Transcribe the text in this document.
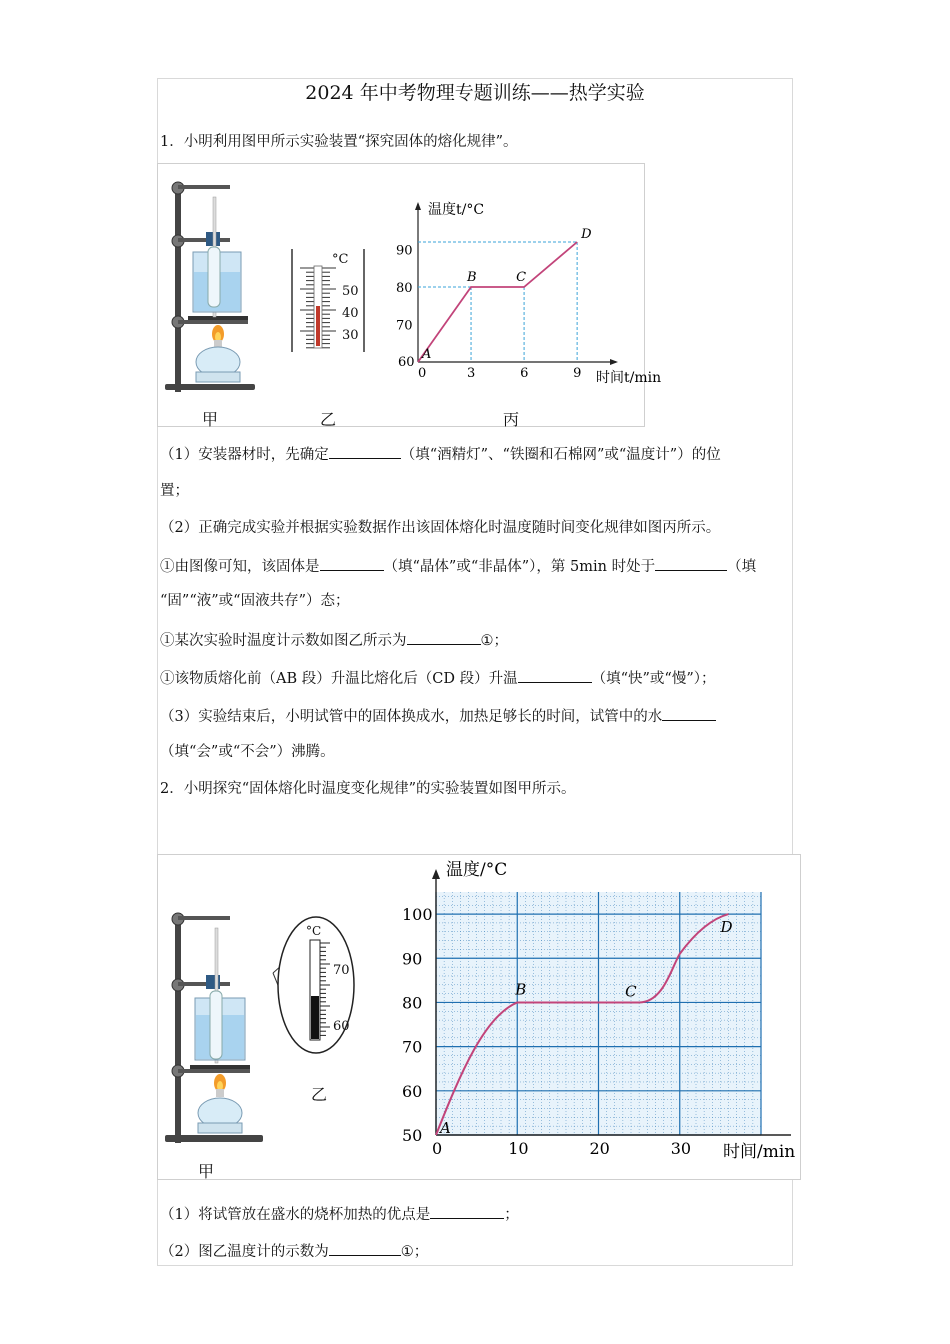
2024 年中考物理专题训练——热学实验
1．小明利用图甲所示实验装置“探究固体的熔化规律”。
甲
°C
50
40
30
乙
0	3	6	9
60
70
80
90
A
B	C
D
温度t/°C
时间t/min
丙
（1）安装器材时，先确定	（填“酒精灯”、“铁圈和石棉网”或“温度计”）的位
置；
（2）正确完成实验并根据实验数据作出该固体熔化时温度随时间变化规律如图丙所示。
①由图像可知，该固体是	（填“晶体”或“非晶体”），第 5min 时处于	（填
“固”“液”或“固液共存”）态；
①某次实验时温度计示数如图乙所示为	①；
①该物质熔化前（AB 段）升温比熔化后（CD 段）升温	（填“快”或“慢”）；
（3）实验结束后，小明试管中的固体换成水，加热足够长的时间，试管中的水
（填“会”或“不会”）沸腾。
2．小明探究“固体熔化时温度变化规律”的实验装置如图甲所示。
甲
°C
70
60
乙
0	10	20	30
50
60
70
80
90
100
A
B	C
D
温度/°C
时间/min
（1）将试管放在盛水的烧杯加热的优点是	；
（2）图乙温度计的示数为	①；
